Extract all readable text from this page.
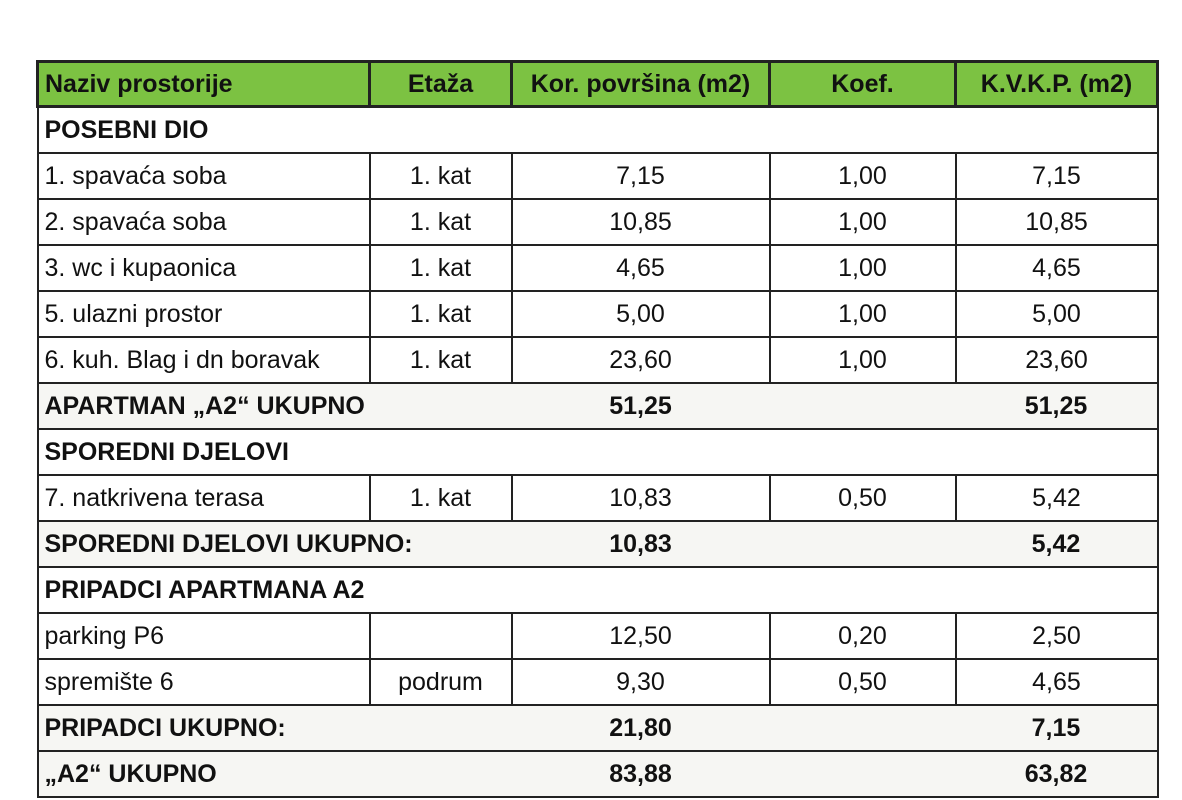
Naziv prostorije	Etaža	Kor. površina (m2)	Koef.	K.V.K.P. (m2)
POSEBNI DIO				
1. spavaća soba	1. kat	7,15	1,00	7,15
2. spavaća soba	1. kat	10,85	1,00	10,85
3. wc i kupaonica	1. kat	4,65	1,00	4,65
5. ulazni prostor	1. kat	5,00	1,00	5,00
6. kuh. Blag i dn boravak	1. kat	23,60	1,00	23,60
APARTMAN „A2“ UKUPNO		51,25		51,25
SPOREDNI DJELOVI				
7. natkrivena terasa	1. kat	10,83	0,50	5,42
SPOREDNI DJELOVI UKUPNO:		10,83		5,42
PRIPADCI APARTMANA A2				
parking P6		12,50	0,20	2,50
spremište 6	podrum	9,30	0,50	4,65
PRIPADCI UKUPNO:		21,80		7,15
„A2“ UKUPNO		83,88		63,82
